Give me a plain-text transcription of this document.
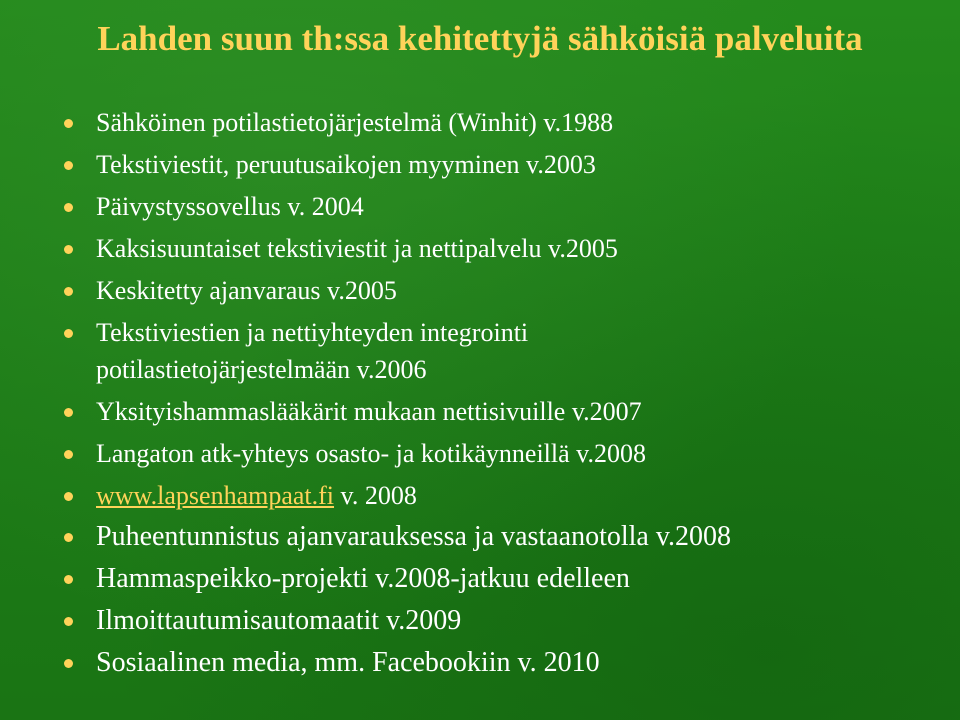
Lahden suun th:ssa kehitettyjä sähköisiä palveluita
Sähköinen potilastietojärjestelmä (Winhit) v.1988
Tekstiviestit, peruutusaikojen myyminen v.2003
Päivystyssovellus v. 2004
Kaksisuuntaiset tekstiviestit ja nettipalvelu v.2005
Keskitetty ajanvaraus v.2005
Tekstiviestien ja nettiyhteyden integrointi potilastietojärjestelmään v.2006
Yksityishammaslääkärit mukaan nettisivuille v.2007
Langaton atk-yhteys osasto- ja kotikäynneillä v.2008
www.lapsenhampaat.fi v. 2008
Puheentunnistus ajanvarauksessa ja vastaanotolla v.2008
Hammaspeikko-projekti v.2008-jatkuu edelleen
Ilmoittautumisautomaatit v.2009
Sosiaalinen media, mm. Facebookiin v. 2010
